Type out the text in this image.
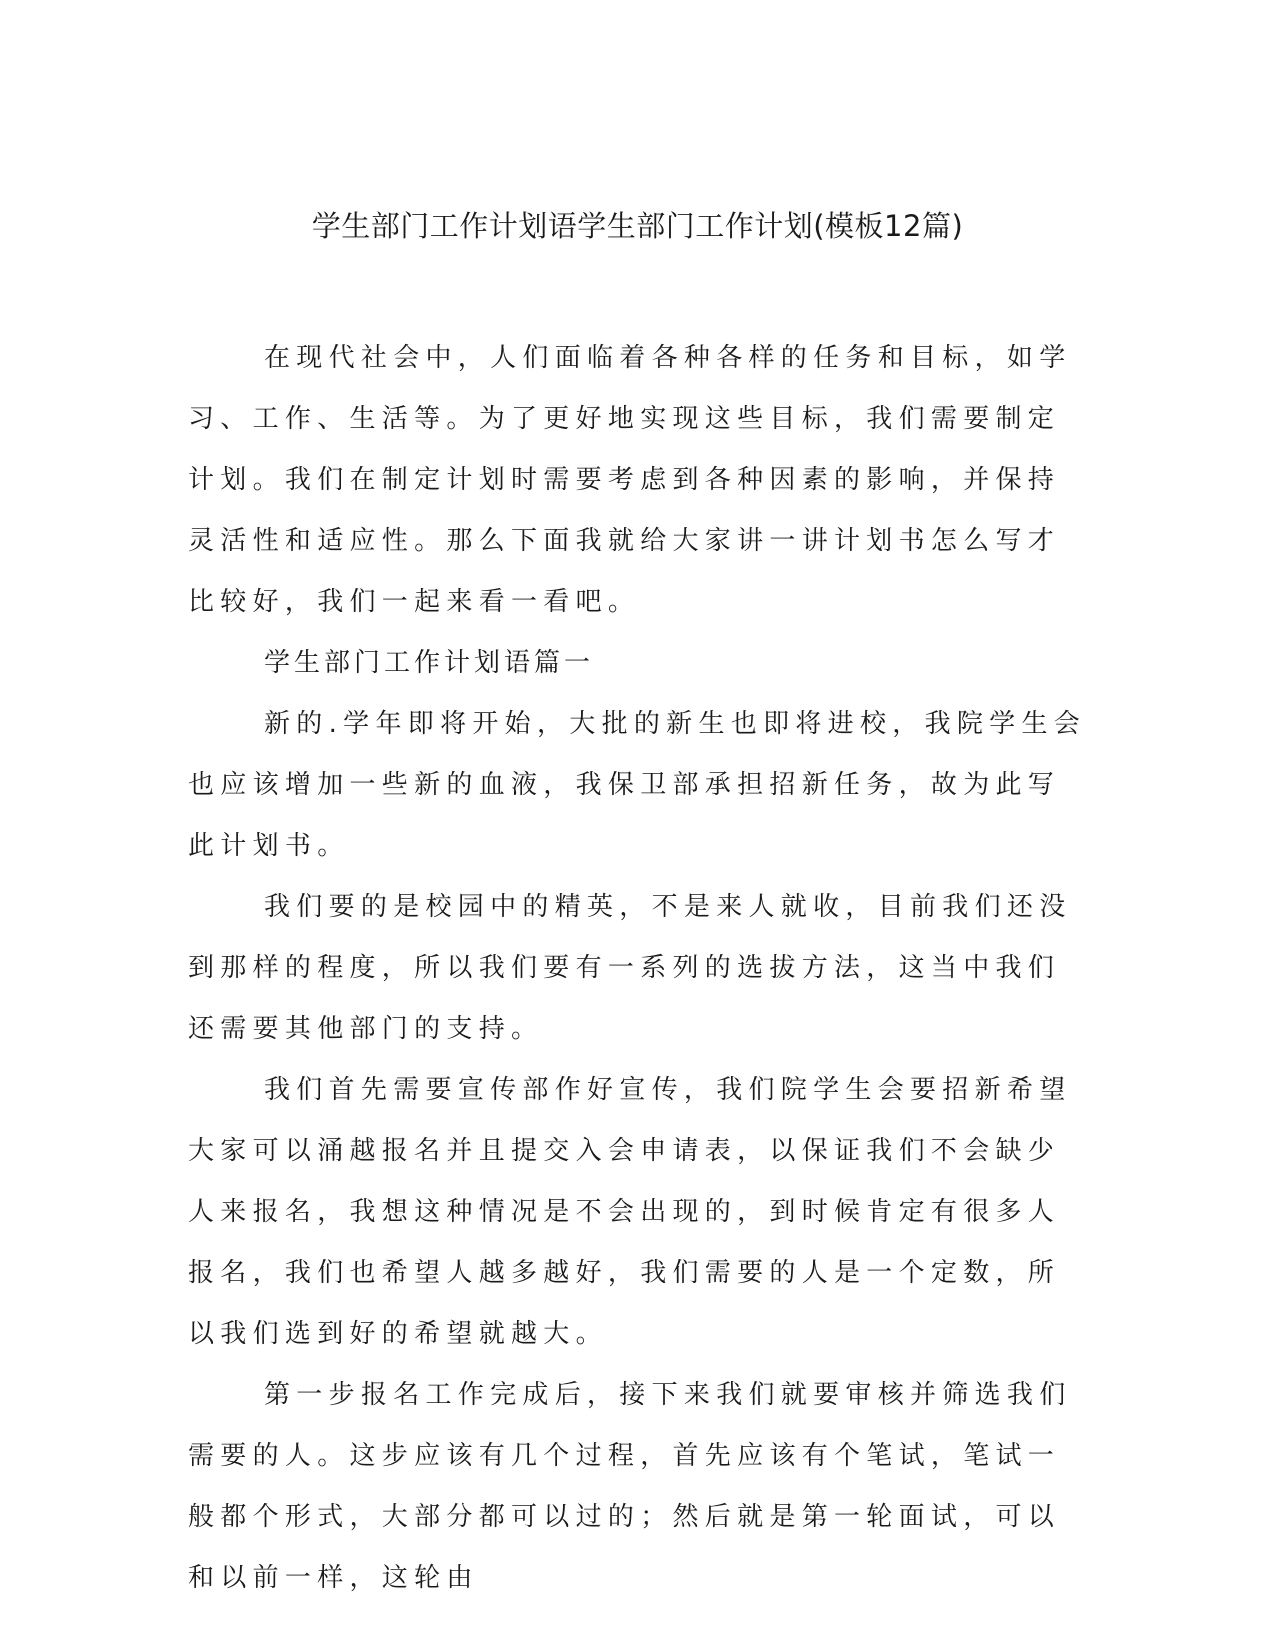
学生部门工作计划语学生部门工作计划(模板12篇)

在现代社会中，人们面临着各种各样的任务和目标，如学习、工作、生活等。为了更好地实现这些目标，我们需要制定计划。我们在制定计划时需要考虑到各种因素的影响，并保持灵活性和适应性。那么下面我就给大家讲一讲计划书怎么写才比较好，我们一起来看一看吧。

学生部门工作计划语篇一

新的.学年即将开始，大批的新生也即将进校，我院学生会也应该增加一些新的血液，我保卫部承担招新任务，故为此写此计划书。

我们要的是校园中的精英，不是来人就收，目前我们还没到那样的程度，所以我们要有一系列的选拔方法，这当中我们还需要其他部门的支持。

我们首先需要宣传部作好宣传，我们院学生会要招新希望大家可以涌越报名并且提交入会申请表，以保证我们不会缺少人来报名，我想这种情况是不会出现的，到时候肯定有很多人报名，我们也希望人越多越好，我们需要的人是一个定数，所以我们选到好的希望就越大。

第一步报名工作完成后，接下来我们就要审核并筛选我们需要的人。这步应该有几个过程，首先应该有个笔试，笔试一般都个形式，大部分都可以过的；然后就是第一轮面试，可以和以前一样，这轮由
